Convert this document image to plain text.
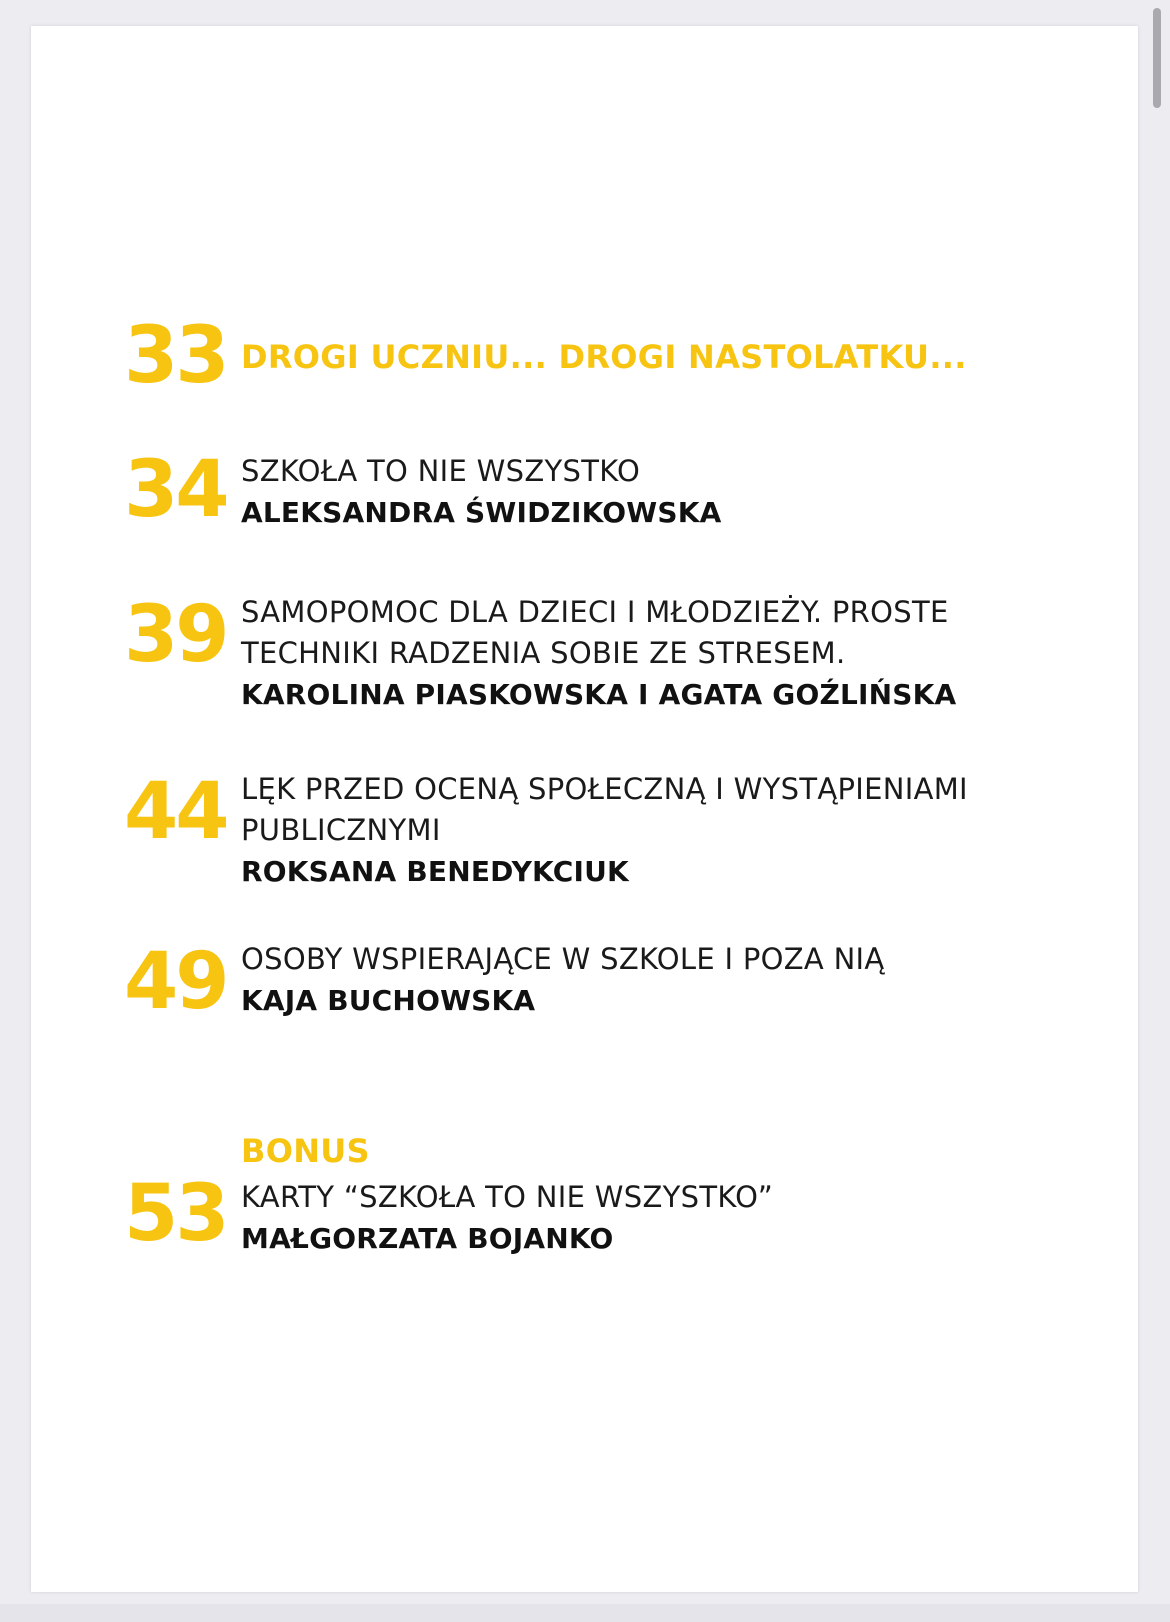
33 DROGI UCZNIU... DROGI NASTOLATKU...
34 SZKOŁA TO NIE WSZYSTKO
ALEKSANDRA ŚWIDZIKOWSKA
39 SAMOPOMOC DLA DZIECI I MŁODZIEŻY. PROSTE
TECHNIKI RADZENIA SOBIE ZE STRESEM.
KAROLINA PIASKOWSKA I AGATA GOŹLIŃSKA
44 LĘK PRZED OCENĄ SPOŁECZNĄ I WYSTĄPIENIAMI
PUBLICZNYMI
ROKSANA BENEDYKCIUK
49 OSOBY WSPIERAJĄCE W SZKOLE I POZA NIĄ
KAJA BUCHOWSKA
BONUS
53 KARTY “SZKOŁA TO NIE WSZYSTKO”
MAŁGORZATA BOJANKO
